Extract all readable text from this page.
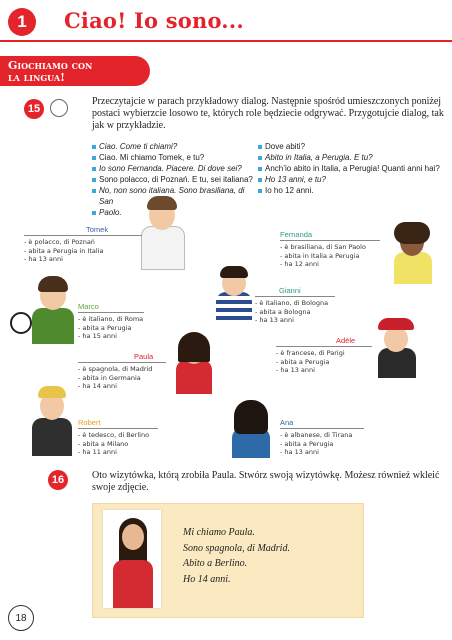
1	Ciao! Io sono...
Giochiamo con
la lingua!
15
Przeczytajcie w parach przykładowy dialog. Następnie spośród umieszczonych poniżej postaci wybierzcie losowo te, których role będziecie odgrywać. Przygotujcie dialog, tak jak w przykładzie.
Ciao. Come ti chiami?
Ciao. Mi chiamo Tomek, e tu?
Io sono Fernanda. Piacere. Di dove sei?
Sono polacco, di Poznań. E tu, sei italiana?
No, non sono italiana. Sono brasiliana, di San
Paolo.
Dove abiti?
Abito in Italia, a Perugia. E tu?
Anch’io abito in Italia, a Perugia! Quanti anni hai?
Ho 13 anni, e tu?
Io ho 12 anni.
Tomek
- è polacco, di Poznań
- abita a Perugia in Italia
- ha 13 anni
Fernanda
- è brasiliana, di San Paolo
- abita in Italia a Perugia
- ha 12 anni
Gianni
- è italiano, di Bologna
- abita a Bologna
- ha 13 anni
Marco
- è italiano, di Roma
- abita a Perugia
- ha 15 anni	Adèle
- è francese, di Parigi
- abita a Perugia
- ha 13 anni
Paula
- è spagnola, di Madrid
- abita in Germania
- ha 14 anni
Robert
- è tedesco, di Berlino
- abita a Milano
- ha 11 anni
Ana
- è albanese, di Tirana
- abita a Perugia
- ha 13 anni
16	Oto wizytówka, którą zrobiła Paula. Stwórz swoją wizytówkę. Możesz również wkleić swoje zdjęcie.
Mi chiamo Paula.
Sono spagnola, di Madrid.
Abito a Berlino.
Ho 14 anni.
18
